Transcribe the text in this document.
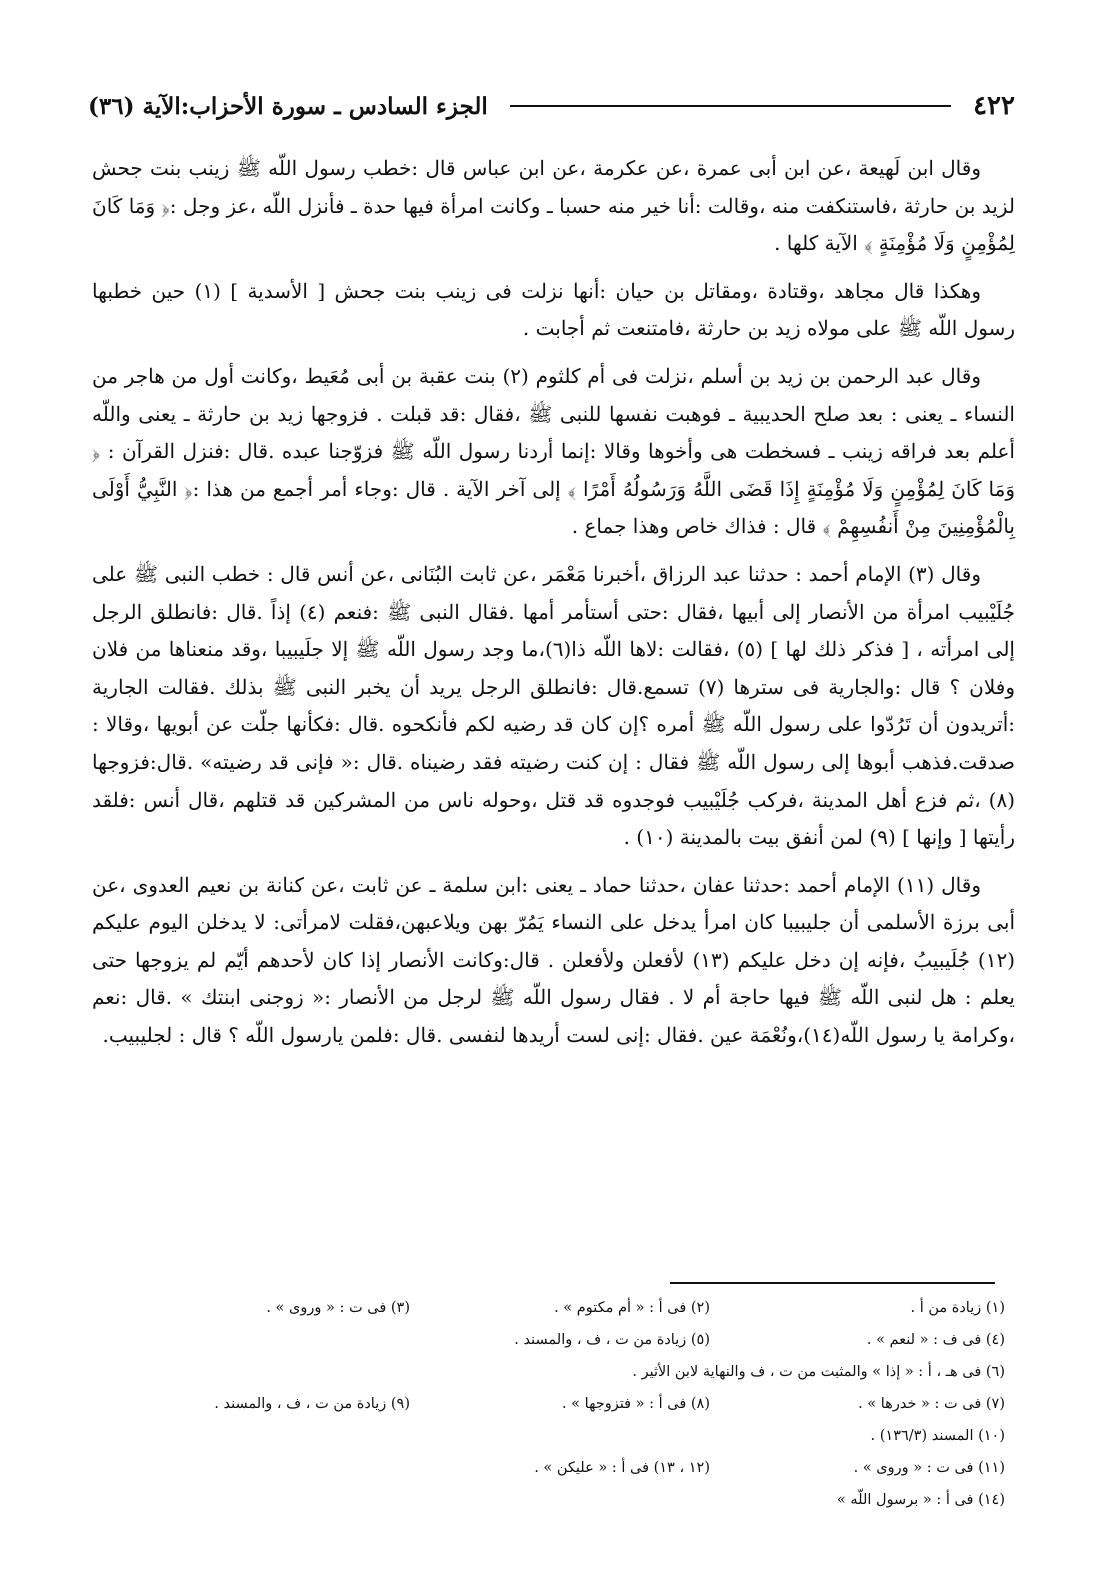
٤٢٢
الجزء السادس ـ سورة الأحزاب:الآية (٣٦)

وقال ابن لَهيعة ،عن ابن أبى عمرة ،عن عكرمة ،عن ابن عباس قال :خطب رسول اللّه ﷺ زينب بنت جحش لزيد بن حارثة ،فاستنكفت منه ،وقالت :أنا خير منه حسبا ـ وكانت امرأة فيها حدة ـ فأنزل اللّه ،عز وجل :﴿ وَمَا كَانَ لِمُؤْمِنٍ وَلَا مُؤْمِنَةٍ ﴾ الآية كلها .

وهكذا قال مجاهد ،وقتادة ،ومقاتل بن حيان :أنها نزلت فى زينب بنت جحش [ الأسدية ] (١) حين خطبها رسول اللّه ﷺ على مولاه زيد بن حارثة ،فامتنعت ثم أجابت .

وقال عبد الرحمن بن زيد بن أسلم ،نزلت فى أم كلثوم (٢) بنت عقبة بن أبى مُعَيط ،وكانت أول من هاجر من النساء ـ يعنى : بعد صلح الحديبية ـ فوهبت نفسها للنبى ﷺ ،فقال :قد قبلت . فزوجها زيد بن حارثة ـ يعنى واللّه أعلم بعد فراقه زينب ـ فسخطت هى وأخوها وقالا :إنما أردنا رسول اللّه ﷺ فزوّجنا عبده .قال :فنزل القرآن : ﴿ وَمَا كَانَ لِمُؤْمِنٍ وَلَا مُؤْمِنَةٍ إِذَا قَضَى اللَّهُ وَرَسُولُهُ أَمْرًا ﴾ إلى آخر الآية . قال :وجاء أمر أجمع من هذا :﴿ النَّبِيُّ أَوْلَى بِالْمُؤْمِنِينَ مِنْ أَنفُسِهِمْ ﴾ قال : فذاك خاص وهذا جماع .

وقال (٣) الإمام أحمد : حدثنا عبد الرزاق ،أخبرنا مَعْمَر ،عن ثابت البُنَانى ،عن أنس قال : خطب النبى ﷺ على جُلَيْبيب امرأة من الأنصار إلى أبيها ،فقال :حتى أستأمر أمها .فقال النبى ﷺ :فنعم (٤) إذاً .قال :فانطلق الرجل إلى امرأته ، [ فذكر ذلك لها ] (٥) ،فقالت :لاها اللّه ذا(٦)،ما وجد رسول اللّه ﷺ إلا جلَيبيبا ،وقد منعناها من فلان وفلان ؟ قال :والجارية فى سترها (٧) تسمع.قال :فانطلق الرجل يريد أن يخبر النبى ﷺ بذلك .فقالت الجارية :أتريدون أن تَرُدّوا على رسول اللّه ﷺ أمره ؟إن كان قد رضيه لكم فأنكحوه .قال :فكأنها جلّت عن أبويها ،وقالا : صدقت.فذهب أبوها إلى رسول اللّه ﷺ فقال : إن كنت رضيته فقد رضيناه .قال :« فإنى قد رضيته» .قال:فزوجها (٨) ،ثم فزع أهل المدينة ،فركب جُلَيْبيب فوجدوه قد قتل ،وحوله ناس من المشركين قد قتلهم ،قال أنس :فلقد رأيتها [ وإنها ] (٩) لمن أنفق بيت بالمدينة (١٠) .

وقال (١١) الإمام أحمد :حدثنا عفان ،حدثنا حماد ـ يعنى :ابن سلمة ـ عن ثابت ،عن كنانة بن نعيم العدوى ،عن أبى برزة الأسلمى أن جليبيبا كان امرأ يدخل على النساء يَمُرّ بهن ويلاعبهن،فقلت لامرأتى: لا يدخلن اليوم عليكم (١٢) جُلَيبيبُ ،فإنه إن دخل عليكم (١٣) لأفعلن ولأفعلن . قال:وكانت الأنصار إذا كان لأحدهم أيّم لم يزوجها حتى يعلم : هل لنبى اللّه ﷺ فيها حاجة أم لا . فقال رسول اللّه ﷺ لرجل من الأنصار :« زوجنى ابنتك » .قال :نعم ،وكرامة يا رسول اللّه(١٤)،ونُعْمَة عين .فقال :إنى لست أريدها لنفسى .قال :فلمن يارسول اللّه ؟ قال : لجليبيب.

(١) زيادة من أ .
(٢) فى أ : « أم مكتوم » .
(٣) فى ت : « وروى » .
(٤) فى ف : « لنعم » .
(٥) زيادة من ت ، ف ، والمسند .
(٦) فى هـ ، أ : « إذا » والمثبت من ت ، ف والنهاية لابن الأثير .
(٧) فى ت : « خدرها » .
(٨) فى أ : « فتزوجها » .
(٩) زيادة من ت ، ف ، والمسند .
(١٠) المسند (١٣٦/٣) .
(١١) فى ت : « وروى » .
(١٢ ، ١٣) فى أ : « عليكن » .
(١٤) فى أ : « برسول اللّه »
